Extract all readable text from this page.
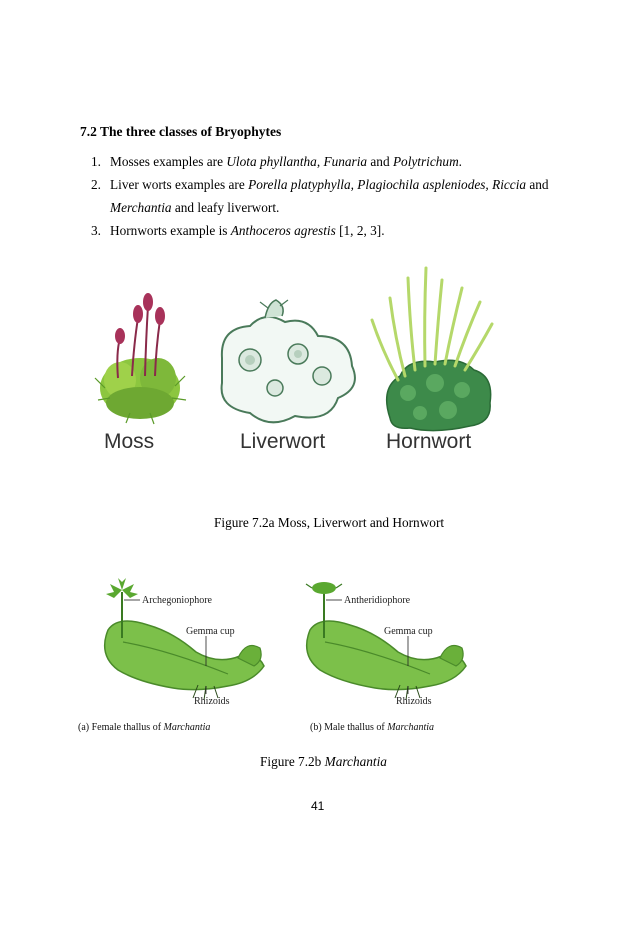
7.2 The three classes of Bryophytes
1. Mosses examples are Ulota phyllantha, Funaria and Polytrichum.
2. Liver worts examples are Porella platyphylla, Plagiochila aspleniodes, Riccia and
Merchantia and leafy liverwort.
3. Hornworts example is Anthoceros agrestis [1, 2, 3].
Moss	Liverwort	Hornwort
Figure 7.2a Moss, Liverwort and Hornwort
Archegoniophore
Gemma cup
Rhizoids
(a) Female thallus of Marchantia
Antheridiophore
Gemma cup
Rhizoids
(b) Male thallus of Marchantia
Figure 7.2b Marchantia
41
